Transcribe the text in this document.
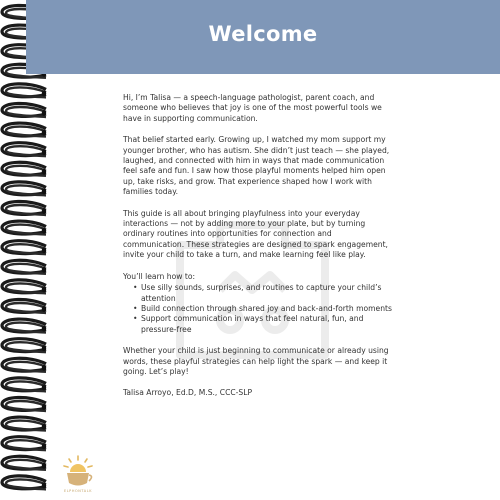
Welcome

Hi, I’m Talisa — a speech-language pathologist, parent coach, and someone who believes that joy is one of the most powerful tools we have in supporting communication.

That belief started early. Growing up, I watched my mom support my younger brother, who has autism. She didn’t just teach — she played, laughed, and connected with him in ways that made communication feel safe and fun. I saw how those playful moments helped him open up, take risks, and grow. That experience shaped how I work with families today.

This guide is all about bringing playfulness into your everyday interactions — not by adding more to your plate, but by turning ordinary routines into opportunities for connection and communication. These strategies are designed to spark engagement, invite your child to take a turn, and make learning feel like play.

You’ll learn how to:

• Use silly sounds, surprises, and routines to capture your child’s attention
• Build connection through shared joy and back-and-forth moments
• Support communication in ways that feel natural, fun, and pressure-free

Whether your child is just beginning to communicate or already using words, these playful strategies can help light the spark — and keep it going. Let’s play!

Talisa Arroyo, Ed.D, M.S., CCC-SLP

ELPHONTALK
